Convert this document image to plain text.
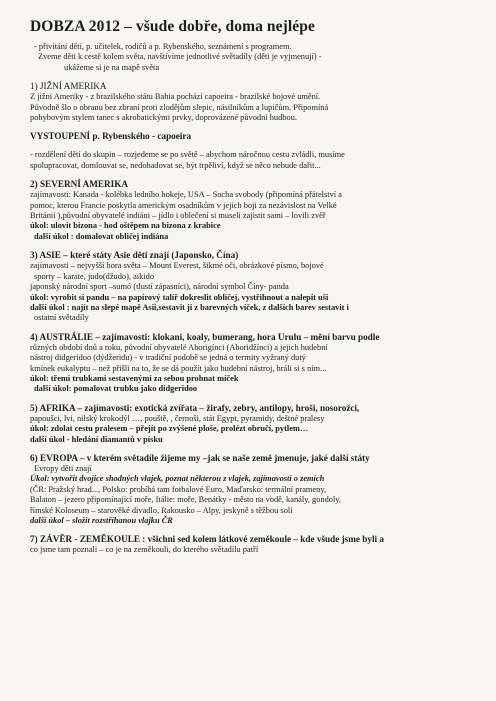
DOBZA 2012 – všude dobře, doma nejlépe
- přivítání dětí, p. učitelek, rodičů a p. Rybenského, seznámení s programem.
Zveme děti k cestě kolem světa, navštívíme jednotlivé světadíly (děti je vyjmenují) -
ukážeme si je na mapě světa

1) JIŽNÍ AMERIKA

Z jižní Ameriky - z brazilského státu Bahia pochází capoeira - brazilské bojové umění.
Původně šlo o obranu bez zbraní proti zlodějům slepic, násilníkům a lupičům. Připomíná
pohybovým stylem tanec s akrobatickými prvky, doprovázené původní hudbou.

VYSTOUPENÍ p. Rybenského - capoeira

- rozdělení dětí do skupin – rozjedeme se po světě – abychom náročnou cestu zvládli, musíme
spolupracovat, domlouvat se, nedohadovat se, být trpěliví, když se něco nebude dařit...

2) SEVERNÍ AMERIKA

zajímavosti: Kanada - kolébka ledního hokeje, USA – Socha svobody (připomíná přátelství a
pomoc, kterou Francie poskytla americkým osadníkům v jejich boji za nezávislost na Velké
Británii ),původní obyvatelé indiáni – jídlo i oblečení si museli zajistit sami – lovili zvěř
úkol: ulovit bizona - hod oštěpem na bizona z krabice
další úkol : domalovat obličej indiána

3) ASIE – které státy Asie děti znají (Japonsko, Čína)

zajímavosti – nejvyšší hora světa – Mount Everest, šikmé oči, obrázkové písmo, bojové
sporty – karate, judo(džudo), aikido
japonský národní sport –sumó (tlustí zápasníci), národní symbol Číny- panda
úkol: vyrobit si pandu – na papírový talíř dokreslit obličej, vystřihnout a nalepit uši
další úkol : najít na slepé mapě Asii,sestavit ji z barevných víček, z dalších barev sestavit i
ostatní světadíly

4) AUSTRÁLIE – zajímavosti: klokani, koaly, bumerang, hora Urulu – mění barvu podle

různých období dnů a roku, původní obyvatelé Aborigínci (Aboridžínci) a jejich hudební
nástroj didgeridoo (dýdžeridu) - v tradiční podobě se jedná o termity vyžraný dutý
kmínek eukalyptu – než přišli na to, že se dá použít jako hudební nástroj, hráli si s ním...
úkol: třemi trubkami sestavenými za sebou prohnat míček
další úkol: pomalovat trubku jako didgeridoo

5) AFRIKA – zajímavosti: exotická zvířata – žirafy, zebry, antilopy, hroši, nosorožci,

papoušci, lvi, nilský krokodýl …, pouště, , černoši, stát Egypt, pyramidy, deštné pralesy
úkol: zdolat cestu pralesem – přejít po zvýšené ploše, prolézt obručí, pytlem…
další úkol - hledání diamantů v písku

6) EVROPA – v kterém světadíle žijeme my –jak se naše země jmenuje, jaké další státy

Evropy děti znají
Úkol: vytvořit dvojice shodných vlajek, poznat některou z vlajek, zajímavosti o zemích
(ČR: Pražský hrad..., Polsko: probíhá tam fotbalové Euro, Maďarsko: termální prameny,
Balaton – jezero připomínající moře, Itálie: moře, Benátky - město na vodě, kanály, gondoly,
římské Koloseum – starověké divadlo, Rakousko – Alpy, jeskyně s těžbou solí
další úkol – složit rozstříhanou vlajku ČR

7) ZÁVĚR - ZEMĚKOULE : všichni sed kolem látkové zeměkoule – kde všude jsme byli a

co jsme tam poznali – co je na zeměkouli, do kterého světadílu patří
